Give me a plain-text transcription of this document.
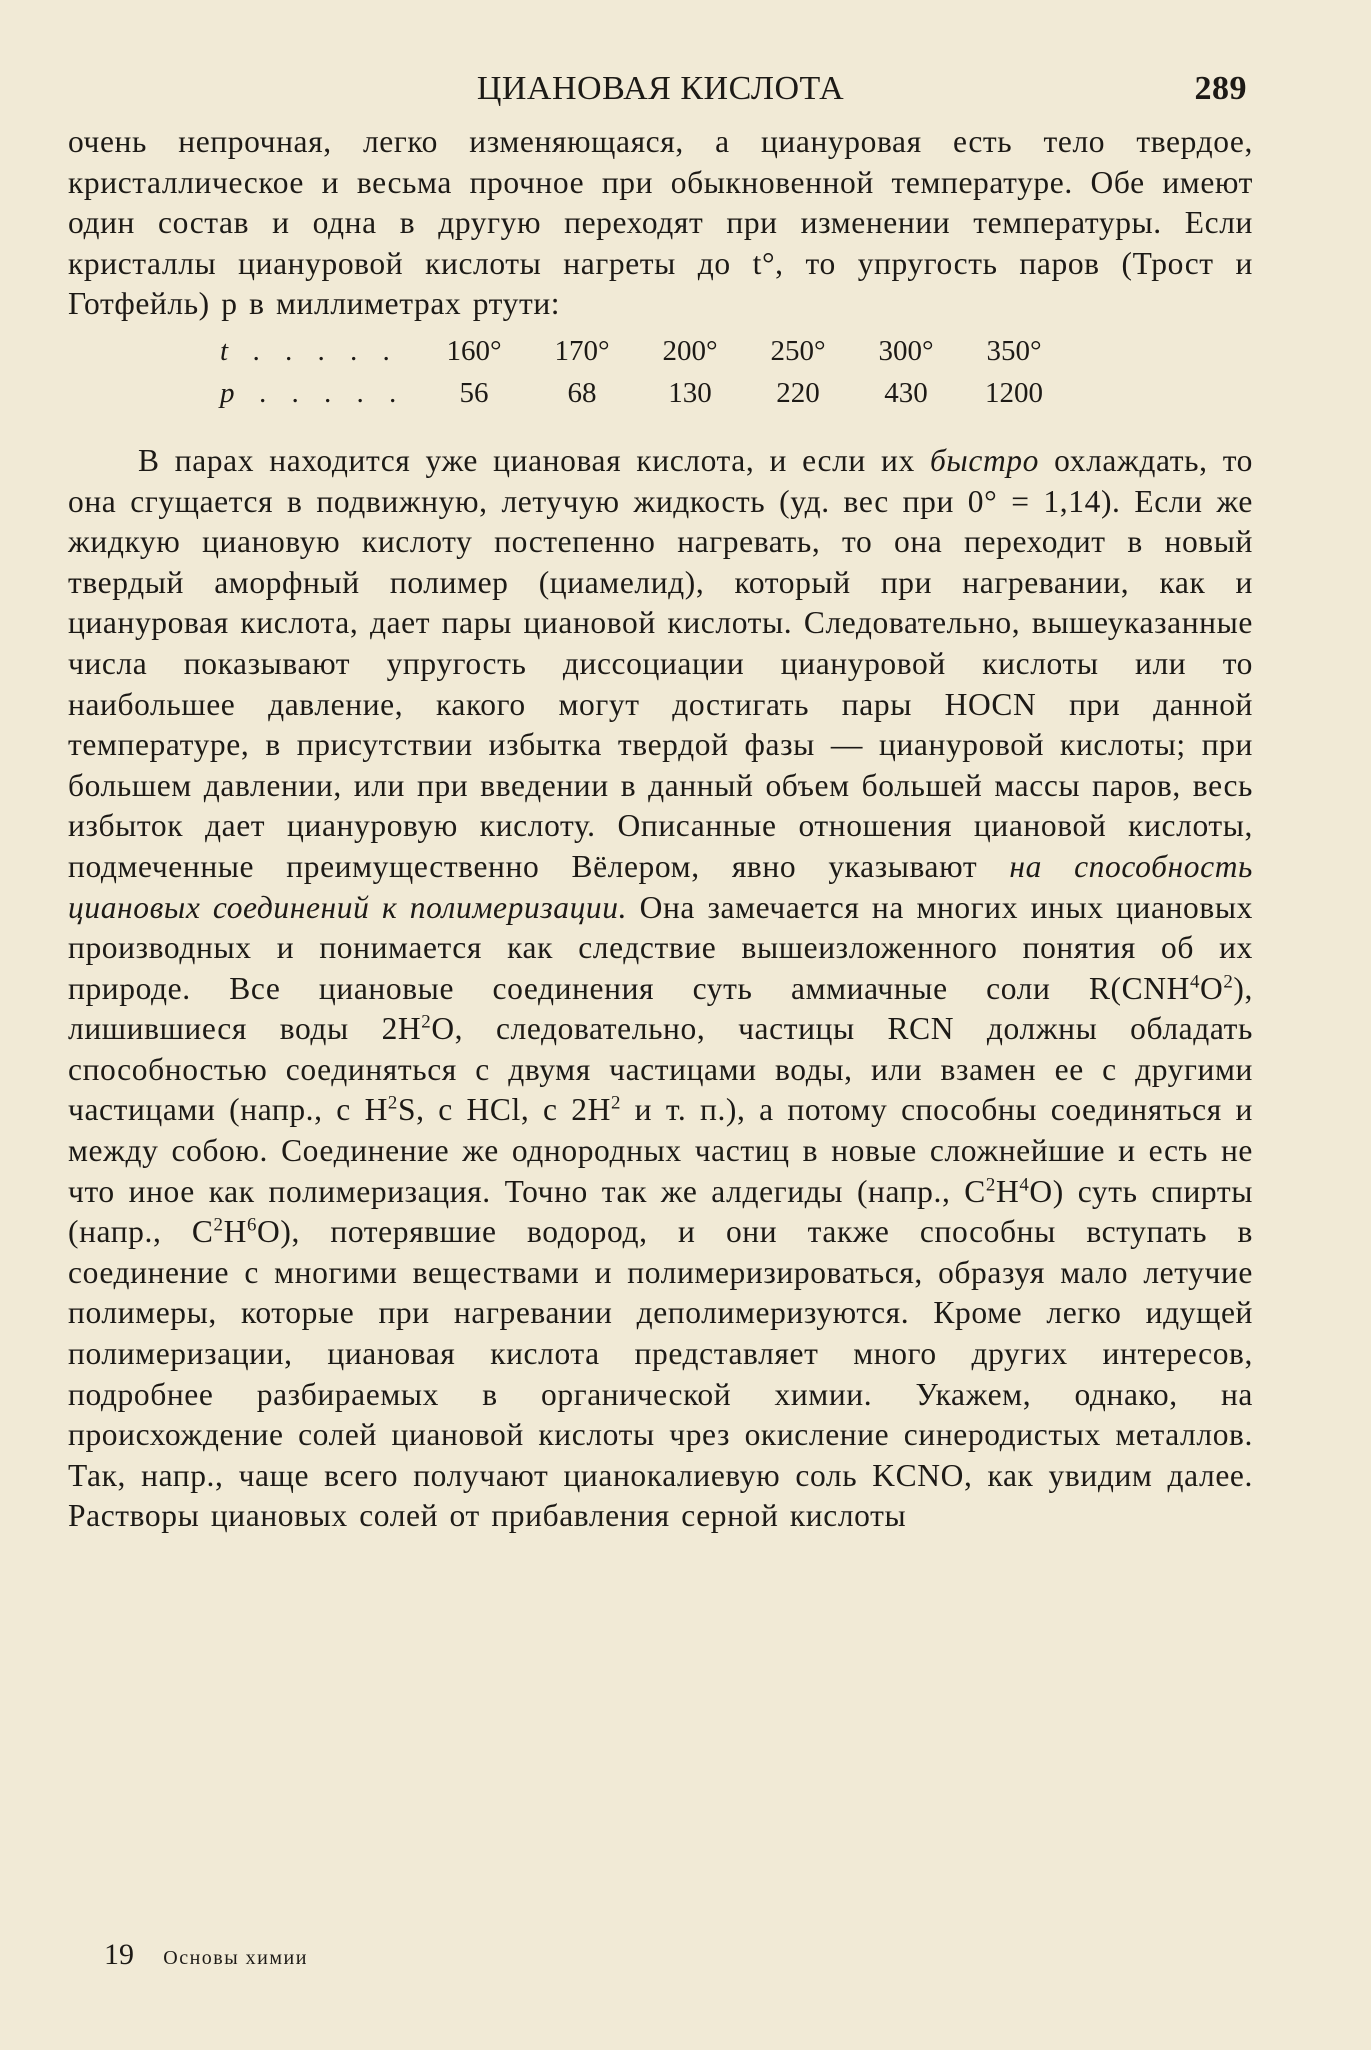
ЦИАНОВАЯ КИСЛОТА	289

очень непрочная, легко изменяющаяся, а циануровая есть тело твердое, кристаллическое и весьма прочное при обыкновенной температуре. Обе имеют один состав и одна в другую переходят при изменении температуры. Если кристаллы циануровой кислоты нагреты до t°, то упругость паров (Трост и Готфейль) p в миллиметрах ртути:

t . . . . .	160°	170°	200°	250°	300°	350°
p . . . . .	56	68	130	220	430	1200

В парах находится уже циановая кислота, и если их быстро охлаждать, то она сгущается в подвижную, летучую жидкость (уд. вес при 0° = 1,14). Если же жидкую циановую кислоту постепенно нагревать, то она переходит в новый твердый аморфный полимер (циамелид), который при нагревании, как и циануровая кислота, дает пары циановой кислоты. Следовательно, вышеуказанные числа показывают упругость диссоциации циануровой кислоты или то наибольшее давление, какого могут достигать пары HOCN при данной температуре, в присутствии избытка твердой фазы — циануровой кислоты; при большем давлении, или при введении в данный объем большей массы паров, весь избыток дает циануровую кислоту. Описанные отношения циановой кислоты, подмеченные преимущественно Вёлером, явно указывают на способность циановых соединений к полимеризации. Она замечается на многих иных циановых производных и понимается как следствие вышеизложенного понятия об их природе. Все циановые соединения суть аммиачные соли $R(CNH^4O^2)$, лишившиеся воды $2H^2O$, следовательно, частицы RCN должны обладать способностью соединяться с двумя частицами воды, или взамен ее с другими частицами (напр., с $H^2S$, с HCl, с $2H^2$ и т. п.), а потому способны соединяться и между собою. Соединение же однородных частиц в новые сложнейшие и есть не что иное как полимеризация. Точно так же алдегиды (напр., $C^2H^4O$) суть спирты (напр., $C^2H^6O$), потерявшие водород, и они также способны вступать в соединение с многими веществами и полимеризироваться, образуя мало летучие полимеры, которые при нагревании деполимеризуются. Кроме легко идущей полимеризации, циановая кислота представляет много других интересов, подробнее разбираемых в органической химии. Укажем, однако, на происхождение солей циановой кислоты чрез окисление синеродистых металлов. Так, напр., чаще всего получают цианокалиевую соль KCNO, как увидим далее. Растворы циановых солей от прибавления серной кислоты

19 Основы химии
